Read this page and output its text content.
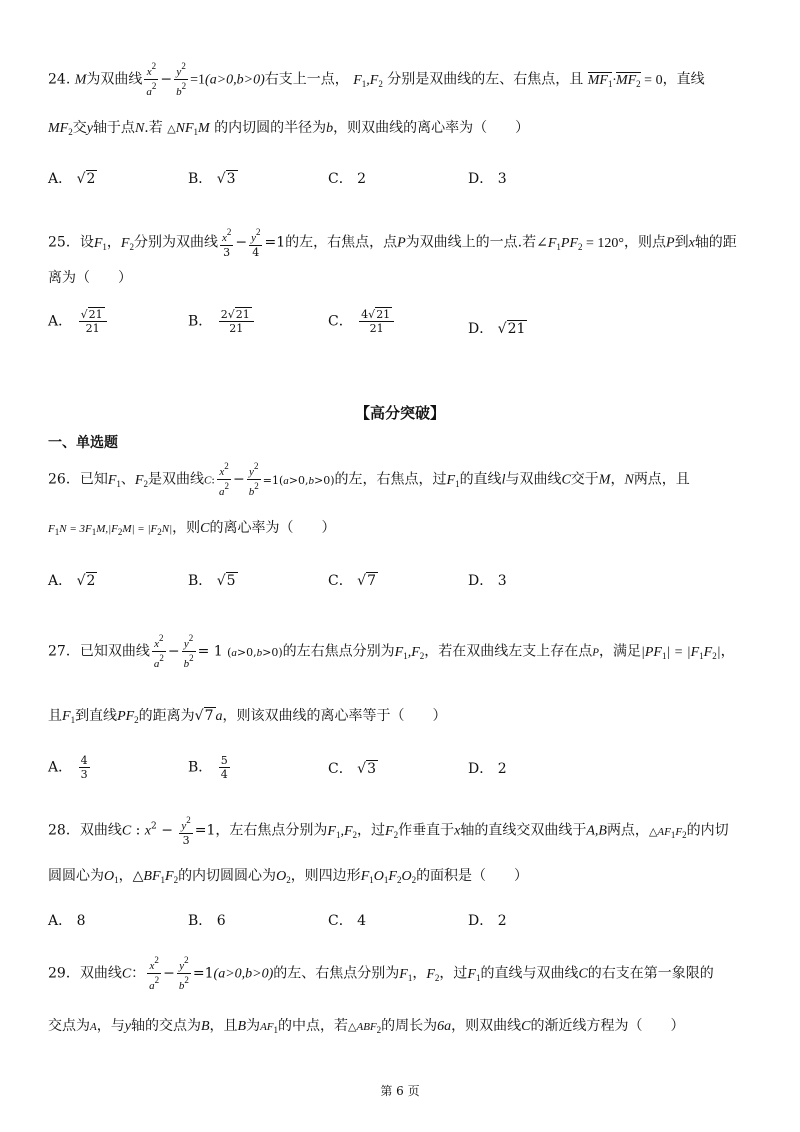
24. M为双曲线 $\frac{x^2}{a^2} - \frac{y^2}{b^2} =1(a>0,b>0)$右支上一点， $F_1,F_2$ 分别是双曲线的左、右焦点，且 $MF_1\cdot MF_2 = 0$，直线
$MF_2$交y轴于点N.若 $\triangle NF_1M$ 的内切圆的半径为b，则双曲线的离心率为（　　）
A． √2	B． √3	C． 2	D． 3
25．设$F_1$，$F_2$分别为双曲线 $\frac{x^2}{3} - \frac{y^2}{4} =1$的左，右焦点，点P为双曲线上的一点.若$\angle F_1PF_2 = 120^\circ$，则点P到x轴的距
离为（　　）
A． $\frac{√21}{21}$	B． $\frac{2√21}{21}$	C． $\frac{4√21}{21}$	D． √21
【高分突破】
一、单选题
26．已知$F_1$、$F_2$是双曲线C: $\frac{x^2}{a^2} - \frac{y^2}{b^2} =1(a>0,b>0)$的左，右焦点，过$F_1$的直线l与双曲线C交于M，N两点，且
$F_1N = 3F_1M,|F_2M| = |F_2N|$，则C的离心率为（　　）
A． √2	B． √5	C． √7	D． 3
27．已知双曲线 $\frac{x^2}{a^2} - \frac{y^2}{b^2} = 1$ (a>0,b>0)的左右焦点分别为$F_1,F_2$，若在双曲线左支上存在点P，满足$|PF_1| = |F_1F_2|$，
且$F_1$到直线$PF_2$的距离为√7 a，则该双曲线的离心率等于（　　）
A． $\frac{4}{3}$	B． $\frac{5}{4}$	C． √3	D． 2
28．双曲线C : $x^2 - \frac{y^2}{3} =1$，左右焦点分别为$F_1,F_2$，过$F_2$作垂直于x轴的直线交双曲线于A,B两点，$\triangle AF_1F_2$的内切
圆圆心为$O_1$，$\triangle BF_1F_2$的内切圆圆心为$O_2$，则四边形$F_1O_1F_2O_2$的面积是（　　）
A． 8	B． 6	C． 4	D． 2
29．双曲线C： $\frac{x^2}{a^2} - \frac{y^2}{b^2} =1(a>0,b>0)$的左、右焦点分别为$F_1$，$F_2$，过$F_1$的直线与双曲线C的右支在第一象限的
交点为A，与y轴的交点为B，且B为$AF_1$的中点，若$\triangle ABF_2$的周长为6a，则双曲线C的渐近线方程为（　　）
第 6 页
